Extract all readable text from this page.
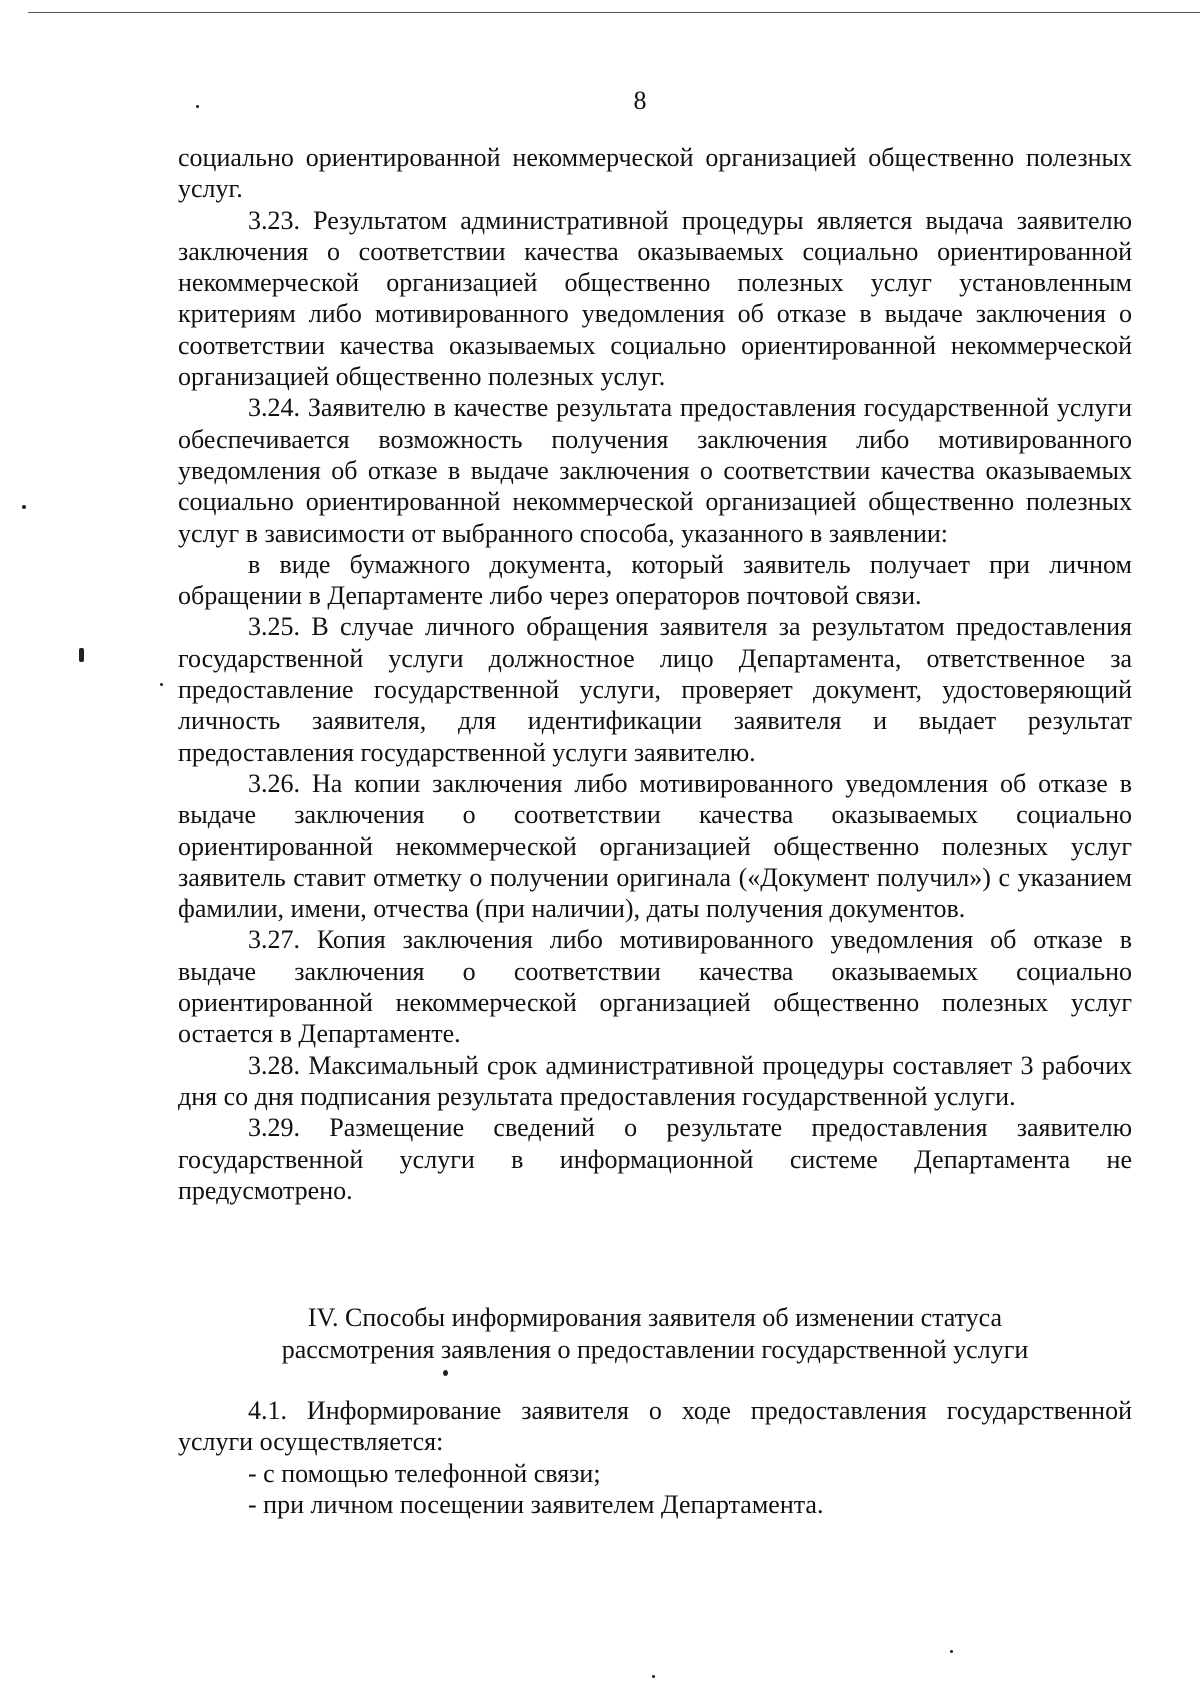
8

социально ориентированной некоммерческой организацией общественно полезных услуг.

3.23. Результатом административной процедуры является выдача заявителю заключения о соответствии качества оказываемых социально ориентированной некоммерческой организацией общественно полезных услуг установленным критериям либо мотивированного уведомления об отказе в выдаче заключения о соответствии качества оказываемых социально ориентированной некоммерческой организацией общественно полезных услуг.

3.24. Заявителю в качестве результата предоставления государственной услуги обеспечивается возможность получения заключения либо мотивированного уведомления об отказе в выдаче заключения о соответствии качества оказываемых социально ориентированной некоммерческой организацией общественно полезных услуг в зависимости от выбранного способа, указанного в заявлении:

в виде бумажного документа, который заявитель получает при личном обращении в Департаменте либо через операторов почтовой связи.

3.25. В случае личного обращения заявителя за результатом предоставления государственной услуги должностное лицо Департамента, ответственное за предоставление государственной услуги, проверяет документ, удостоверяющий личность заявителя, для идентификации заявителя и выдает результат предоставления государственной услуги заявителю.

3.26. На копии заключения либо мотивированного уведомления об отказе в выдаче заключения о соответствии качества оказываемых социально ориентированной некоммерческой организацией общественно полезных услуг заявитель ставит отметку о получении оригинала («Документ получил») с указанием фамилии, имени, отчества (при наличии), даты получения документов.

3.27. Копия заключения либо мотивированного уведомления об отказе в выдаче заключения о соответствии качества оказываемых социально ориентированной некоммерческой организацией общественно полезных услуг остается в Департаменте.

3.28. Максимальный срок административной процедуры составляет 3 рабочих дня со дня подписания результата предоставления государственной услуги.

3.29. Размещение сведений о результате предоставления заявителю государственной услуги в информационной системе Департамента не предусмотрено.

IV. Способы информирования заявителя об изменении статуса
рассмотрения заявления о предоставлении государственной услуги

4.1. Информирование заявителя о ходе предоставления государственной услуги осуществляется:

- с помощью телефонной связи;

- при личном посещении заявителем Департамента.
